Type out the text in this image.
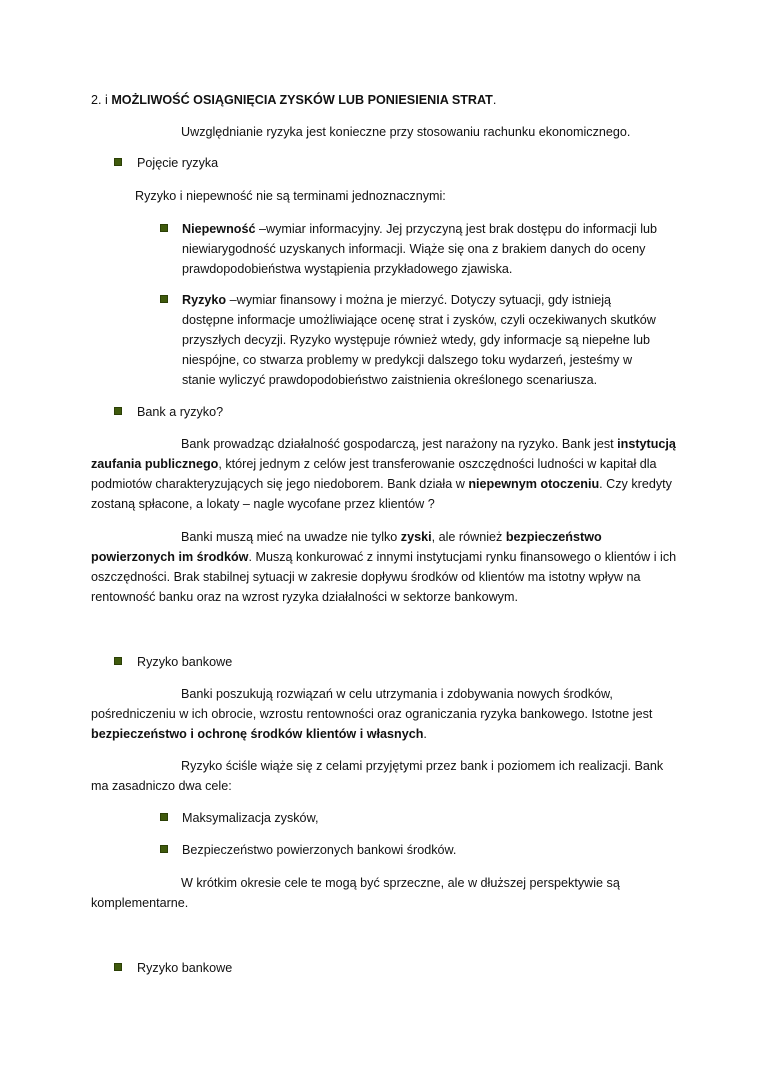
2. i MOŻLIWOŚĆ OSIĄGNIĘCIA ZYSKÓW LUB PONIESIENIA STRAT.

Uwzględnianie ryzyka jest konieczne przy stosowaniu rachunku ekonomicznego.

Pojęcie ryzyka

Ryzyko i niepewność nie są terminami jednoznacznymi:

Niepewność –wymiar informacyjny. Jej przyczyną jest brak dostępu do informacji lub
niewiarygodność uzyskanych informacji. Wiąże się ona z brakiem danych do oceny
prawdopodobieństwa wystąpienia przykładowego zjawiska.
Ryzyko –wymiar finansowy i można je mierzyć. Dotyczy sytuacji, gdy istnieją
dostępne informacje umożliwiające ocenę strat i zysków, czyli oczekiwanych skutków
przyszłych decyzji. Ryzyko występuje również wtedy, gdy informacje są niepełne lub
niespójne, co stwarza problemy w predykcji dalszego toku wydarzeń, jesteśmy w
stanie wyliczyć prawdopodobieństwo zaistnienia określonego scenariusza.
Bank a ryzyko?

Bank prowadząc działalność gospodarczą, jest narażony na ryzyko. Bank jest instytucją zaufania publicznego, której jednym z celów jest transferowanie oszczędności ludności w kapitał dla podmiotów charakteryzujących się jego niedoborem. Bank działa w niepewnym otoczeniu. Czy kredyty zostaną spłacone, a lokaty – nagle wycofane przez klientów ?

Banki muszą mieć na uwadze nie tylko zyski, ale również bezpieczeństwo powierzonych im środków. Muszą konkurować z innymi instytucjami rynku finansowego o klientów i ich oszczędności. Brak stabilnej sytuacji w zakresie dopływu środków od klientów ma istotny wpływ na rentowność banku oraz na wzrost ryzyka działalności w sektorze bankowym.

Ryzyko bankowe

Banki poszukują rozwiązań w celu utrzymania i zdobywania nowych środków, pośredniczeniu w ich obrocie, wzrostu rentowności oraz ograniczania ryzyka bankowego. Istotne jest bezpieczeństwo i ochronę środków klientów i własnych.

Ryzyko ściśle wiąże się z celami przyjętymi przez bank i poziomem ich realizacji. Bank ma zasadniczo dwa cele:

Maksymalizacja zysków,
Bezpieczeństwo powierzonych bankowi środków.

W krótkim okresie cele te mogą być sprzeczne, ale w dłuższej perspektywie są komplementarne.

Ryzyko bankowe
